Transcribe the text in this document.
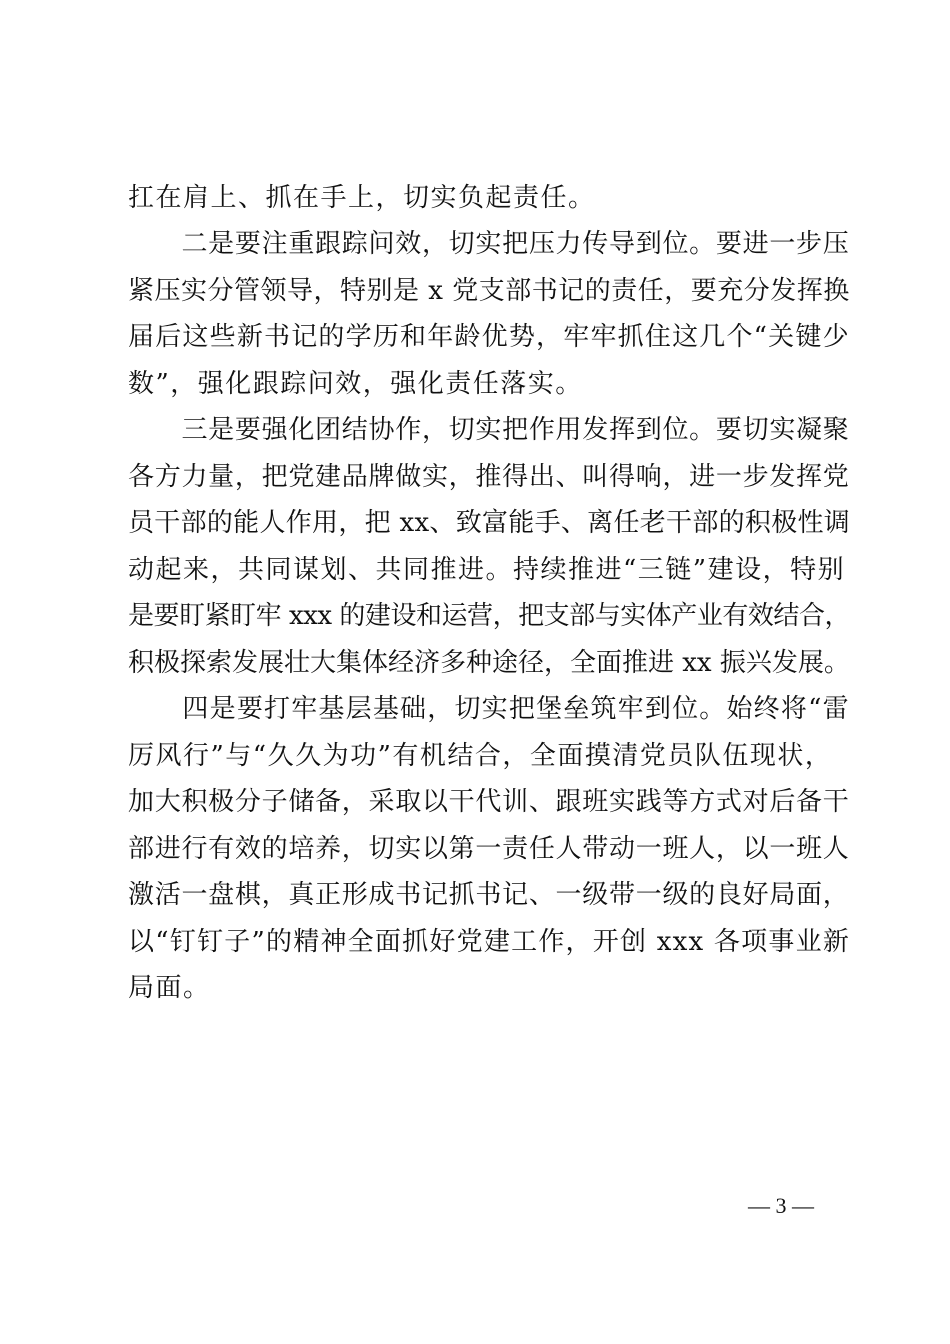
扛在肩上、抓在手上，切实负起责任。
　　二是要注重跟踪问效，切实把压力传导到位。要进一步压
紧压实分管领导，特别是 x 党支部书记的责任，要充分发挥换
届后这些新书记的学历和年龄优势，牢牢抓住这几个“关键少
数”，强化跟踪问效，强化责任落实。
　　三是要强化团结协作，切实把作用发挥到位。要切实凝聚
各方力量，把党建品牌做实，推得出、叫得响，进一步发挥党
员干部的能人作用，把 xx、致富能手、离任老干部的积极性调
动起来，共同谋划、共同推进。持续推进“三链”建设，特别
是要盯紧盯牢 xxx 的建设和运营，把支部与实体产业有效结合，
积极探索发展壮大集体经济多种途径，全面推进 xx 振兴发展。
　　四是要打牢基层基础，切实把堡垒筑牢到位。始终将“雷
厉风行”与“久久为功”有机结合，全面摸清党员队伍现状，
加大积极分子储备，采取以干代训、跟班实践等方式对后备干
部进行有效的培养，切实以第一责任人带动一班人，以一班人
激活一盘棋，真正形成书记抓书记、一级带一级的良好局面，
以“钉钉子”的精神全面抓好党建工作，开创 xxx 各项事业新
局面。
— 3 —
